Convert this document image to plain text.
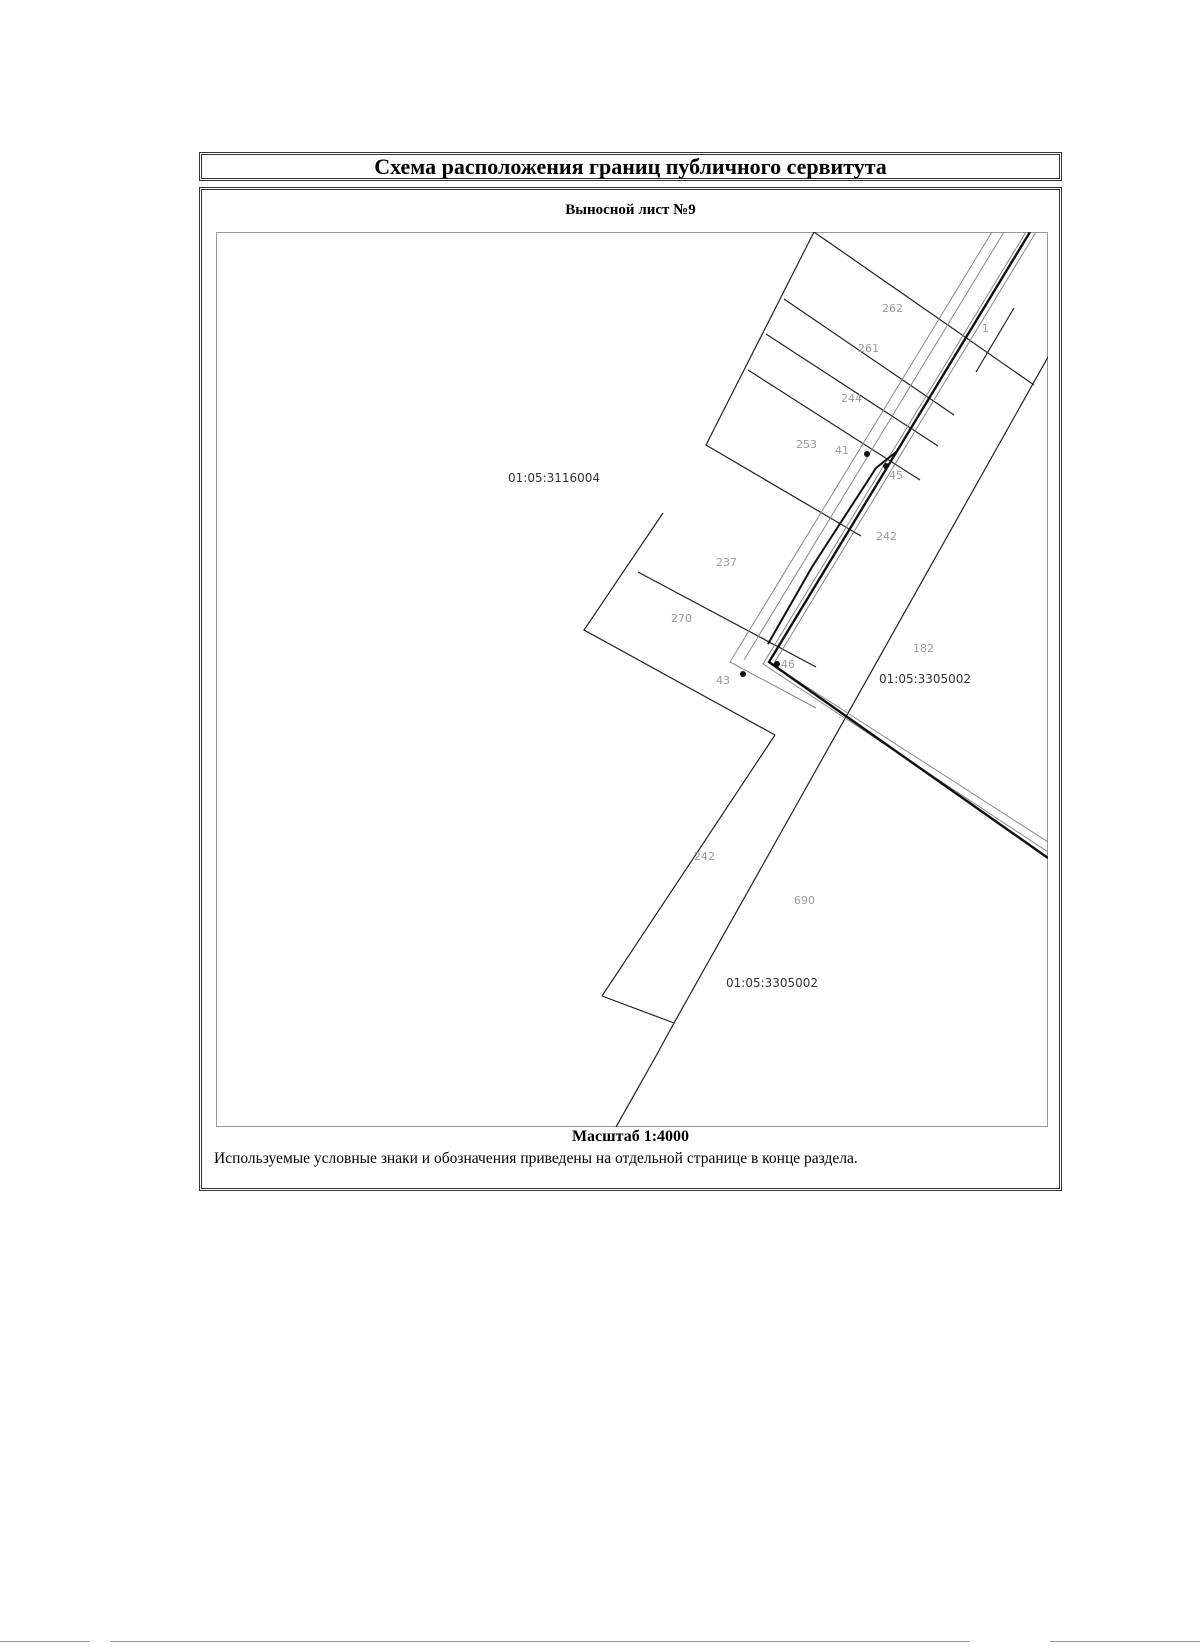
Схема расположения границ публичного сервитута
Выносной лист №9
01:05:3116004
01:05:3305002
01:05:3305002
262
1
261
244
253 41
45
242
237
270
43
46
182
242
690
Масштаб 1:4000
Используемые условные знаки и обозначения приведены на отдельной странице в конце раздела.
